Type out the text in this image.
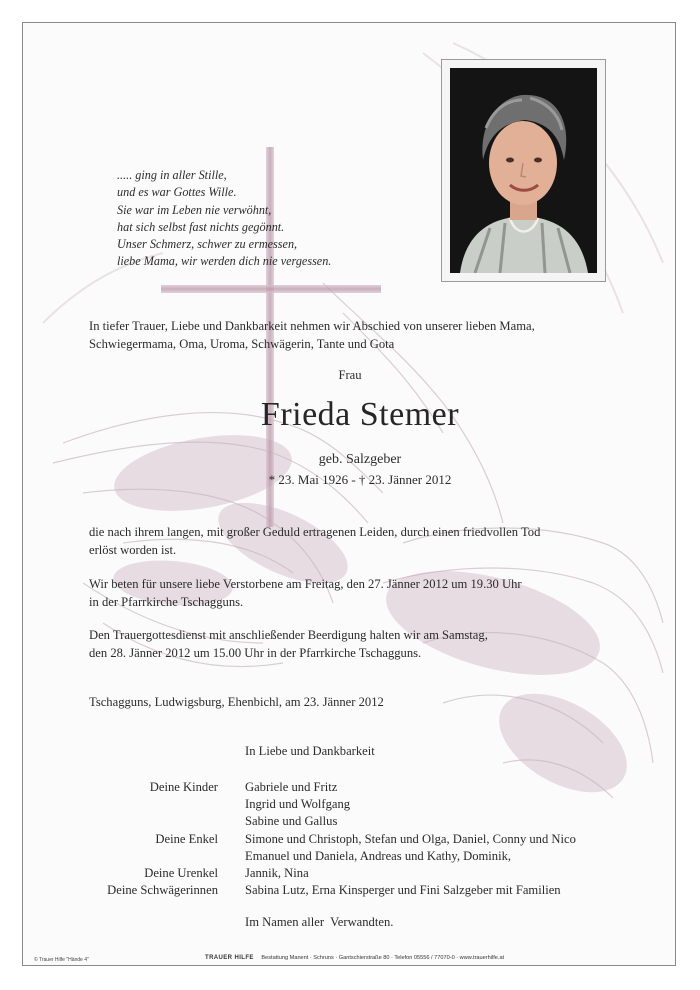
..... ging in aller Stille,
und es war Gottes Wille.
Sie war im Leben nie verwöhnt,
hat sich selbst fast nichts gegönnt.
Unser Schmerz, schwer zu ermessen,
liebe Mama, wir werden dich nie vergessen.
In tiefer Trauer, Liebe und Dankbarkeit nehmen wir Abschied von unserer lieben Mama,
Schwiegermama, Oma, Uroma, Schwägerin, Tante und Gota
Frau
Frieda Stemer
geb. Salzgeber
* 23. Mai 1926 - † 23. Jänner 2012
die nach ihrem langen, mit großer Geduld ertragenen Leiden, durch einen friedvollen Tod
erlöst worden ist.
Wir beten für unsere liebe Verstorbene am Freitag, den 27. Jänner 2012 um 19.30 Uhr
in der Pfarrkirche Tschagguns.
Den Trauergottesdienst mit anschließender Beerdigung halten wir am Samstag,
den 28. Jänner 2012 um 15.00 Uhr in der Pfarrkirche Tschagguns.
Tschagguns, Ludwigsburg, Ehenbichl, am 23. Jänner 2012
In Liebe und Dankbarkeit
Deine Kinder Gabriele und Fritz
Ingrid und Wolfgang
Sabine und Gallus
Deine Enkel Simone und Christoph, Stefan und Olga, Daniel, Conny und Nico
Emanuel und Daniela, Andreas und Kathy, Dominik,
Deine Urenkel Jannik, Nina
Deine Schwägerinnen Sabina Lutz, Erna Kinsperger und Fini Salzgeber mit Familien
Im Namen aller  Verwandten.
© Trauer Hilfe "Hände 4"	TRAUER HILFE Bestattung Manent · Schruns · Gantschierstraße 80 · Telefon 05556 / 77070-0 · www.trauerhilfe.at
